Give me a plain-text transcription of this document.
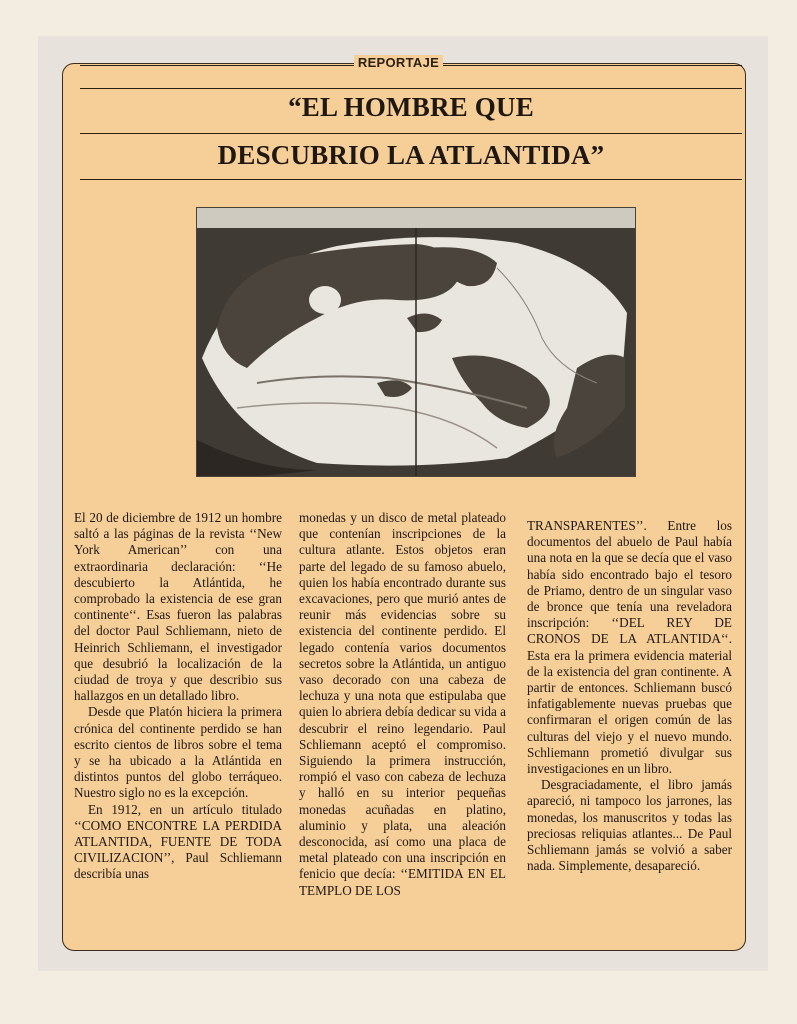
REPORTAJE
“EL HOMBRE QUE
DESCUBRIO LA ATLANTIDA”

El 20 de diciembre de 1912 un hombre saltó a las páginas de la revista ‘‘New York American’’ con una extraordinaria declaración: ‘‘He descubierto la Atlántida, he comprobado la existencia de ese gran continente‘‘. Esas fueron las palabras del doctor Paul Schliemann, nieto de Heinrich Schliemann, el investigador que desubrió la localización de la ciudad de troya y que describio sus hallazgos en un detallado libro.

Desde que Platón hiciera la primera crónica del continente perdido se han escrito cientos de libros sobre el tema y se ha ubicado a la Atlántida en distintos puntos del globo terráqueo. Nuestro siglo no es la excepción.

En 1912, en un artículo titulado ‘‘COMO ENCONTRE LA PERDIDA ATLANTIDA, FUENTE DE TODA CIVILIZACION’’, Paul Schliemann describía unas

monedas y un disco de metal plateado que contenían inscripciones de la cultura atlante. Estos objetos eran parte del legado de su famoso abuelo, quien los había encontrado durante sus excavaciones, pero que murió antes de reunir más evidencias sobre su existencia del continente perdido. El legado contenía varios documentos secretos sobre la Atlántida, un antiguo vaso decorado con una cabeza de lechuza y una nota que estipulaba que quien lo abriera debía dedicar su vida a descubrir el reino legendario. Paul Schliemann aceptó el compromiso. Siguiendo la primera instrucción, rompió el vaso con cabeza de lechuza y halló en su interior pequeñas monedas acuñadas en platino, aluminio y plata, una aleación desconocida, así como una placa de metal plateado con una inscripción en fenicio que decía: ‘‘EMITIDA EN EL TEMPLO DE LOS

TRANSPARENTES’’. Entre los documentos del abuelo de Paul había una nota en la que se decía que el vaso había sido encontrado bajo el tesoro de Priamo, dentro de un singular vaso de bronce que tenía una reveladora inscripción: ‘‘DEL REY DE CRONOS DE LA ATLANTIDA‘‘. Esta era la primera evidencia material de la existencia del gran continente. A partir de entonces. Schliemann buscó infatigablemente nuevas pruebas que confirmaran el origen común de las culturas del viejo y el nuevo mundo. Schliemann prometió divulgar sus investigaciones en un libro.

Desgraciadamente, el libro jamás apareció, ni tampoco los jarrones, las monedas, los manuscritos y todas las preciosas reliquias atlantes... De Paul Schliemann jamás se volvió a saber nada. Simplemente, desapareció.
